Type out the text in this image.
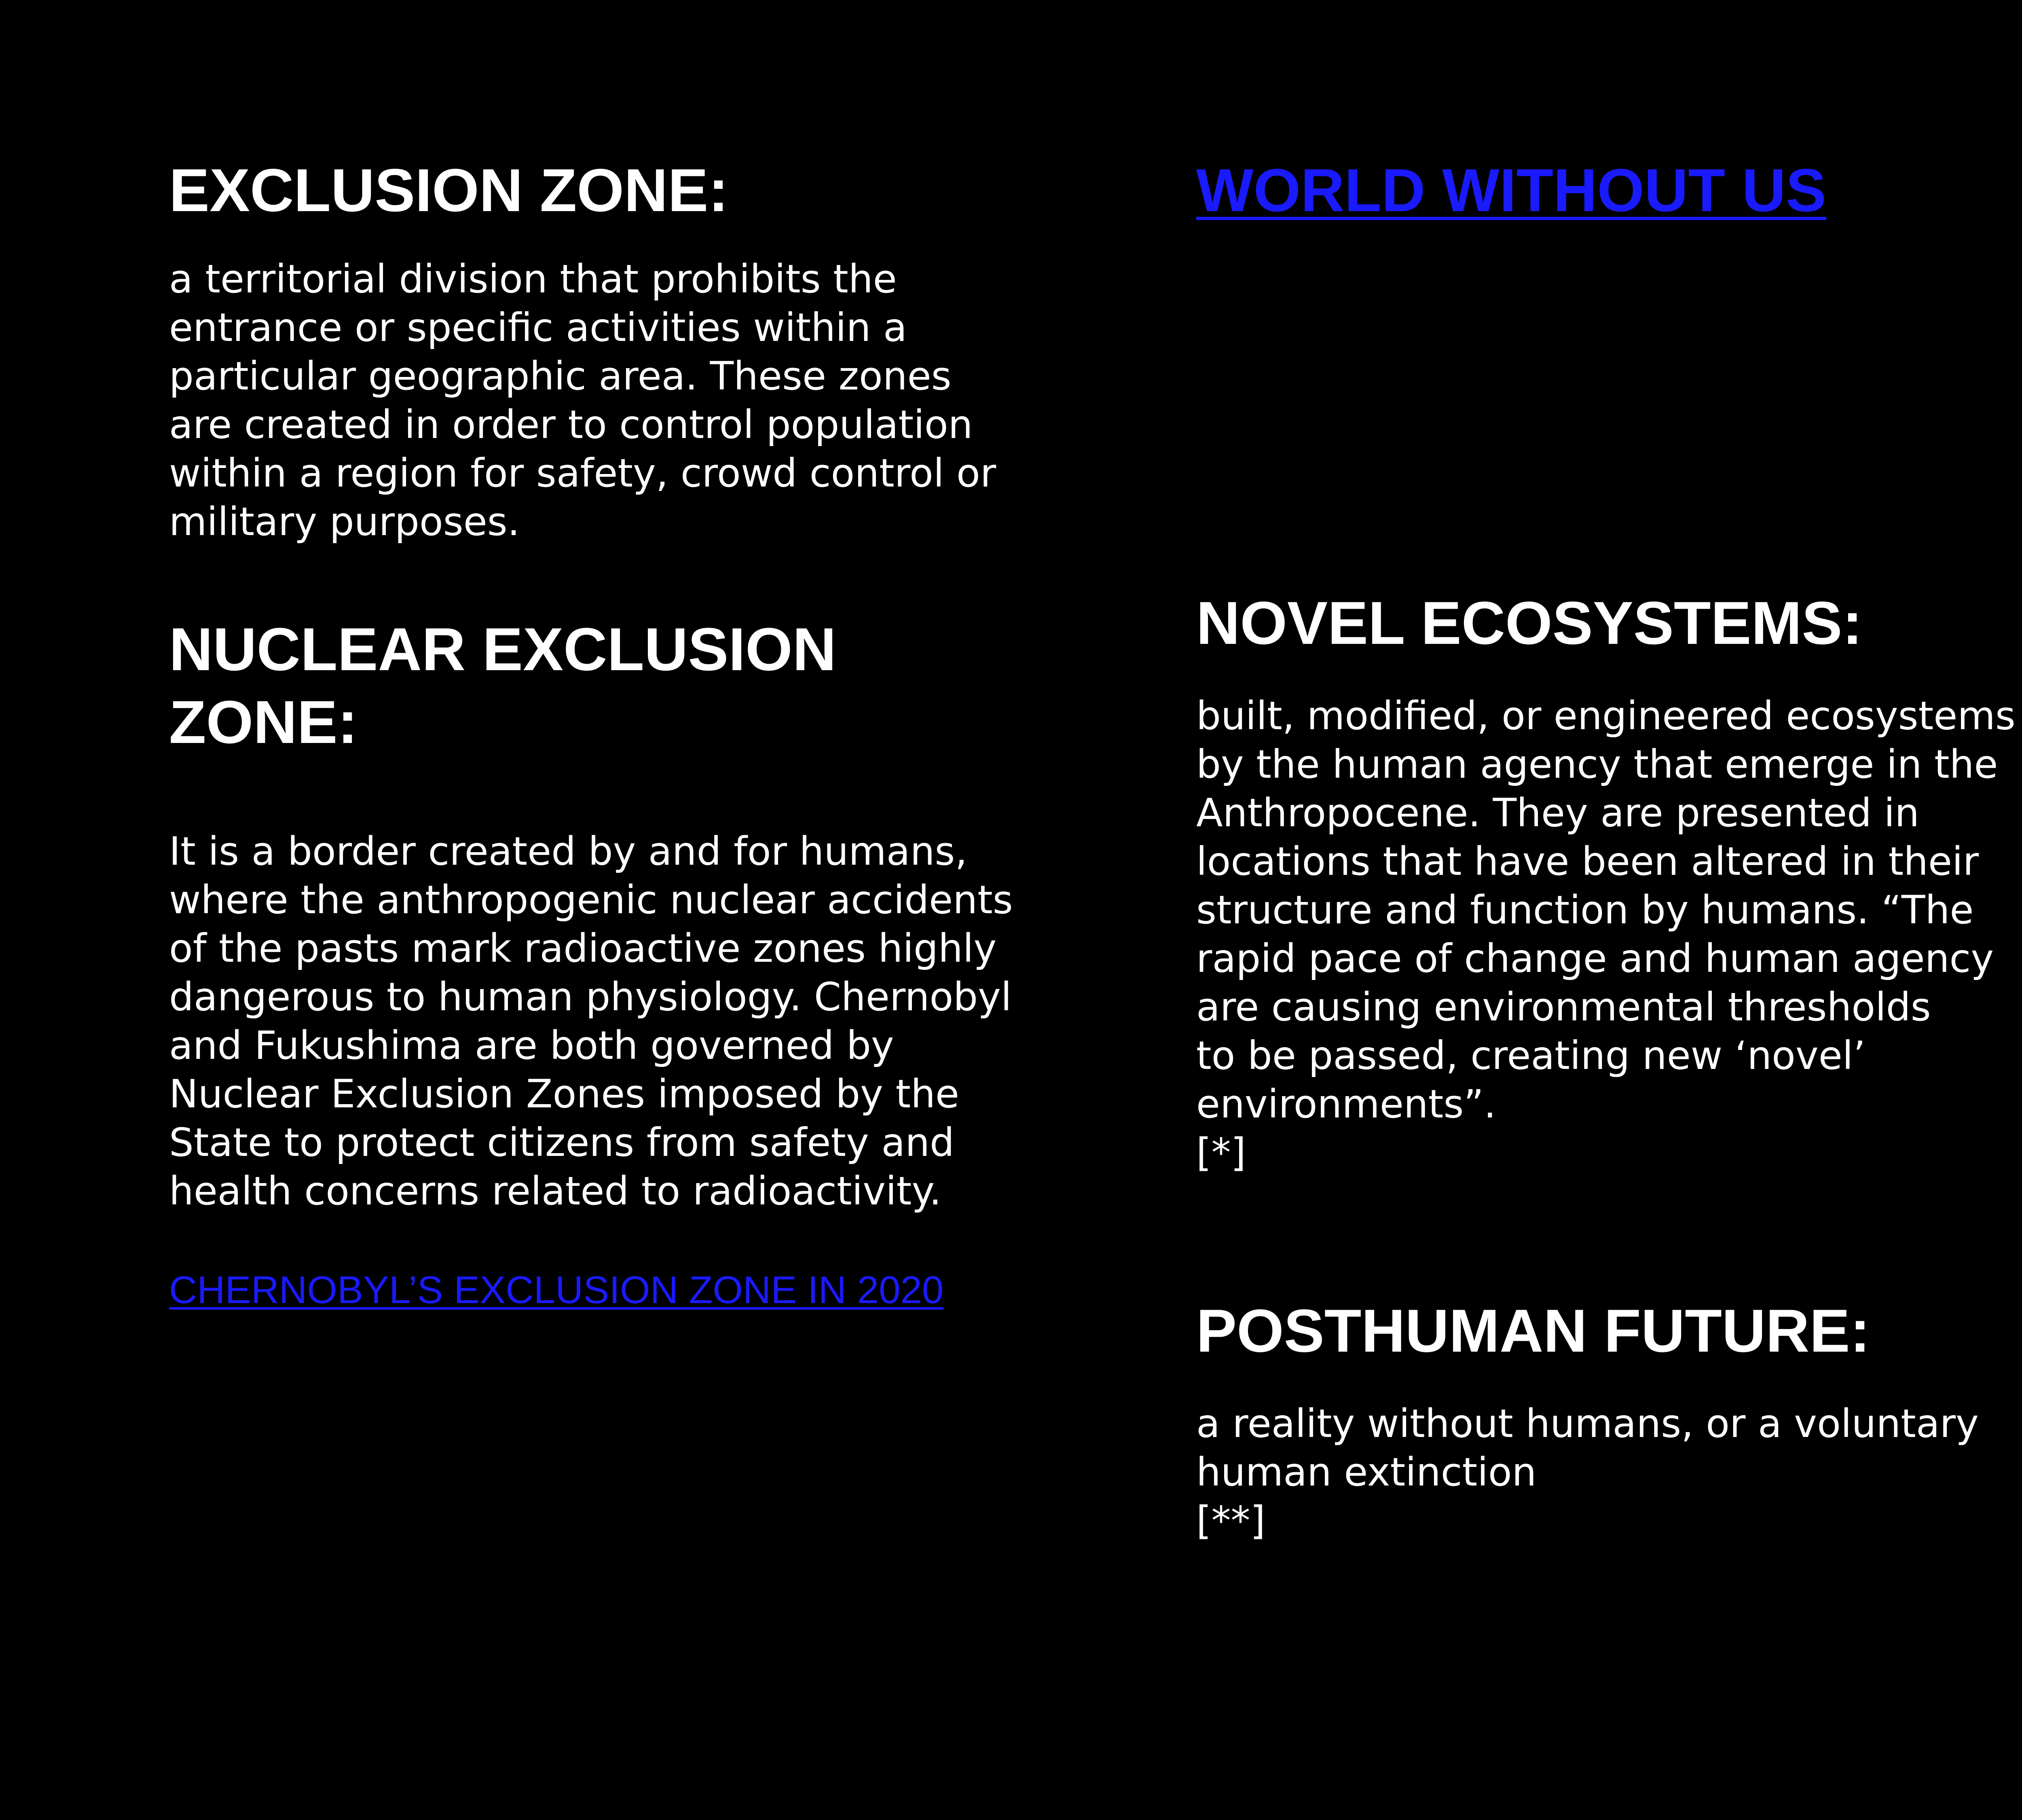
EXCLUSION ZONE:

a territorial division that prohibits the
entrance or specific activities within a
particular geographic area. These zones
are created in order to control population
within a region for safety, crowd control or
military purposes.

NUCLEAR EXCLUSION
ZONE:

It is a border created by and for humans,
where the anthropogenic nuclear accidents
of the pasts mark radioactive zones highly
dangerous to human physiology. Chernobyl
and Fukushima are both governed by
Nuclear Exclusion Zones imposed by the
State to protect citizens from safety and
health concerns related to radioactivity.

CHERNOBYL’S EXCLUSION ZONE IN 2020
WORLD WITHOUT US
NOVEL ECOSYSTEMS:

built, modified, or engineered ecosystems
by the human agency that emerge in the
Anthropocene. They are presented in
locations that have been altered in their
structure and function by humans. “The
rapid pace of change and human agency
are causing environmental thresholds
to be passed, creating new ‘novel’
environments”.
[*]

POSTHUMAN FUTURE:

a reality without humans, or a voluntary
human extinction
[**]
